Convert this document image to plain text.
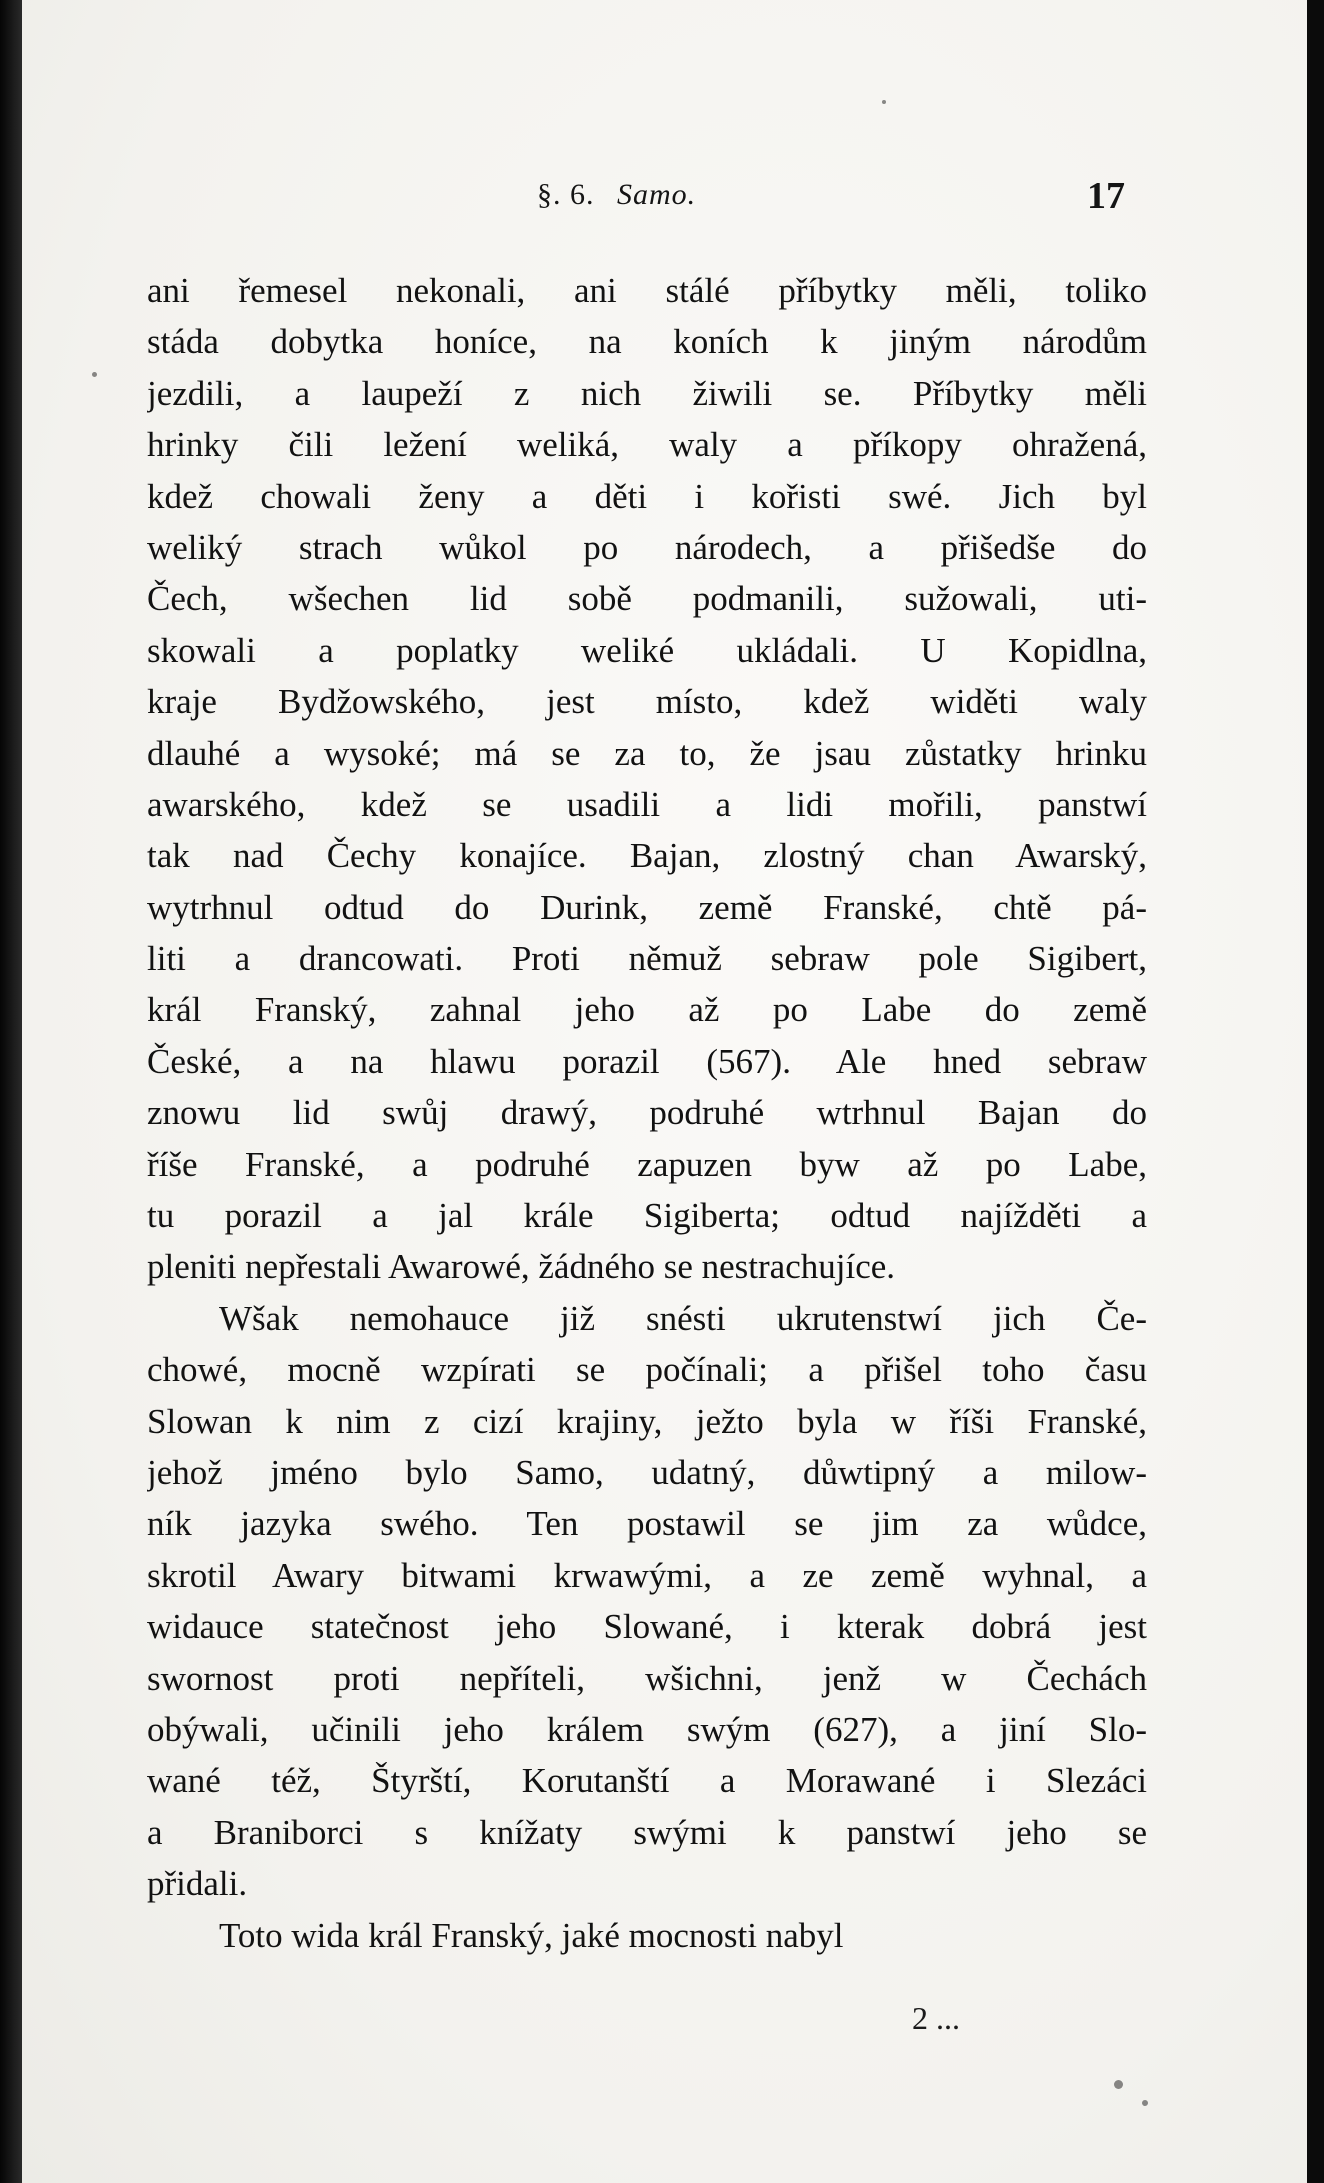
§. 6. Samo.	17
ani řemesel nekonali, ani stálé příbytky měli, toliko
stáda dobytka honíce, na koních k jiným národům
jezdili, a laupeží z nich žiwili se. Příbytky měli
hrinky čili ležení weliká, waly a příkopy ohražená,
kdež chowali ženy a děti i kořisti swé. Jich byl
weliký strach wůkol po národech, a přišedše do
Čech, wšechen lid sobě podmanili, sužowali, uti-
skowali a poplatky weliké ukládali. U Kopidlna,
kraje Bydžowského, jest místo, kdež widěti waly
dlauhé a wysoké; má se za to, že jsau zůstatky hrinku
awarského, kdež se usadili a lidi mořili, panstwí
tak nad Čechy konajíce. Bajan, zlostný chan Awarský,
wytrhnul odtud do Durink, země Franské, chtě pá-
liti a drancowati. Proti němuž sebraw pole Sigibert,
král Franský, zahnal jeho až po Labe do země
České, a na hlawu porazil (567). Ale hned sebraw
znowu lid swůj drawý, podruhé wtrhnul Bajan do
říše Franské, a podruhé zapuzen byw až po Labe,
tu porazil a jal krále Sigiberta; odtud najížděti a
pleniti nepřestali Awarowé, žádného se nestrachujíce.
Wšak nemohauce již snésti ukrutenstwí jich Če-
chowé, mocně wzpírati se počínali; a přišel toho času
Slowan k nim z cizí krajiny, ježto byla w říši Franské,
jehož jméno bylo Samo, udatný, důwtipný a milow-
ník jazyka swého. Ten postawil se jim za wůdce,
skrotil Awary bitwami krwawými, a ze země wyhnal, a
widauce statečnost jeho Slowané, i kterak dobrá jest
swornost proti nepříteli, wšichni, jenž w Čechách
obýwali, učinili jeho králem swým (627), a jiní Slo-
wané též, Štyrští, Korutanští a Morawané i Slezáci
a Braniborci s knížaty swými k panstwí jeho se
přidali.
Toto wida král Franský, jaké mocnosti nabyl
2 ...
